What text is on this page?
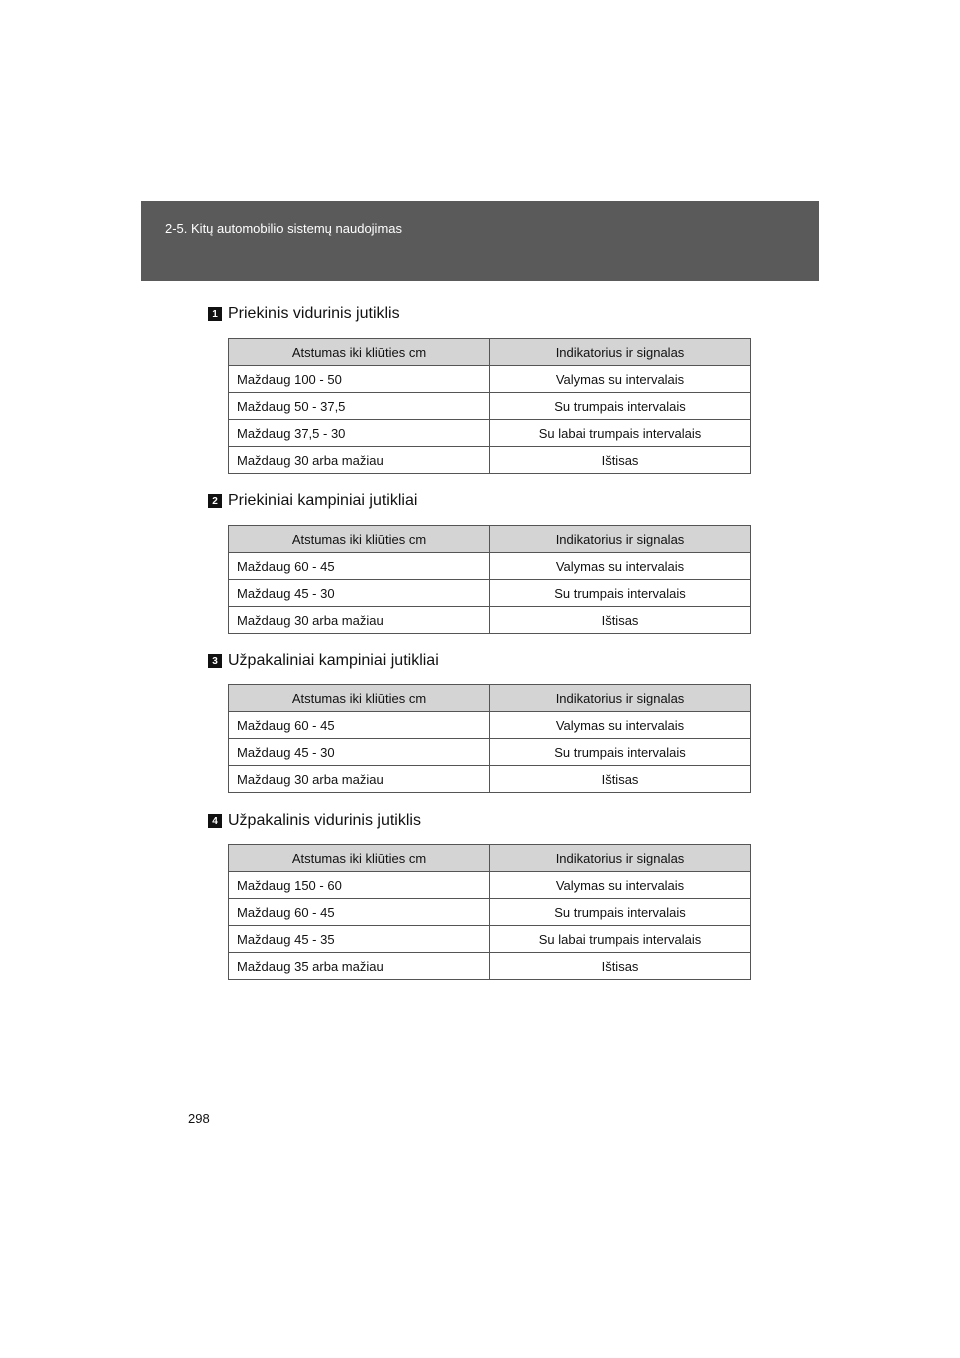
2-5. Kitų automobilio sistemų naudojimas
1 Priekinis vidurinis jutiklis
Atstumas iki kliūties cm	Indikatorius ir signalas
Maždaug 100 - 50	Valymas su intervalais
Maždaug 50 - 37,5	Su trumpais intervalais
Maždaug 37,5 - 30	Su labai trumpais intervalais
Maždaug 30 arba mažiau	Ištisas
2 Priekiniai kampiniai jutikliai
Atstumas iki kliūties cm	Indikatorius ir signalas
Maždaug 60 - 45	Valymas su intervalais
Maždaug 45 - 30	Su trumpais intervalais
Maždaug 30 arba mažiau	Ištisas
3 Užpakaliniai kampiniai jutikliai
Atstumas iki kliūties cm	Indikatorius ir signalas
Maždaug 60 - 45	Valymas su intervalais
Maždaug 45 - 30	Su trumpais intervalais
Maždaug 30 arba mažiau	Ištisas
4 Užpakalinis vidurinis jutiklis
Atstumas iki kliūties cm	Indikatorius ir signalas
Maždaug 150 - 60	Valymas su intervalais
Maždaug 60 - 45	Su trumpais intervalais
Maždaug 45 - 35	Su labai trumpais intervalais
Maždaug 35 arba mažiau	Ištisas
298
